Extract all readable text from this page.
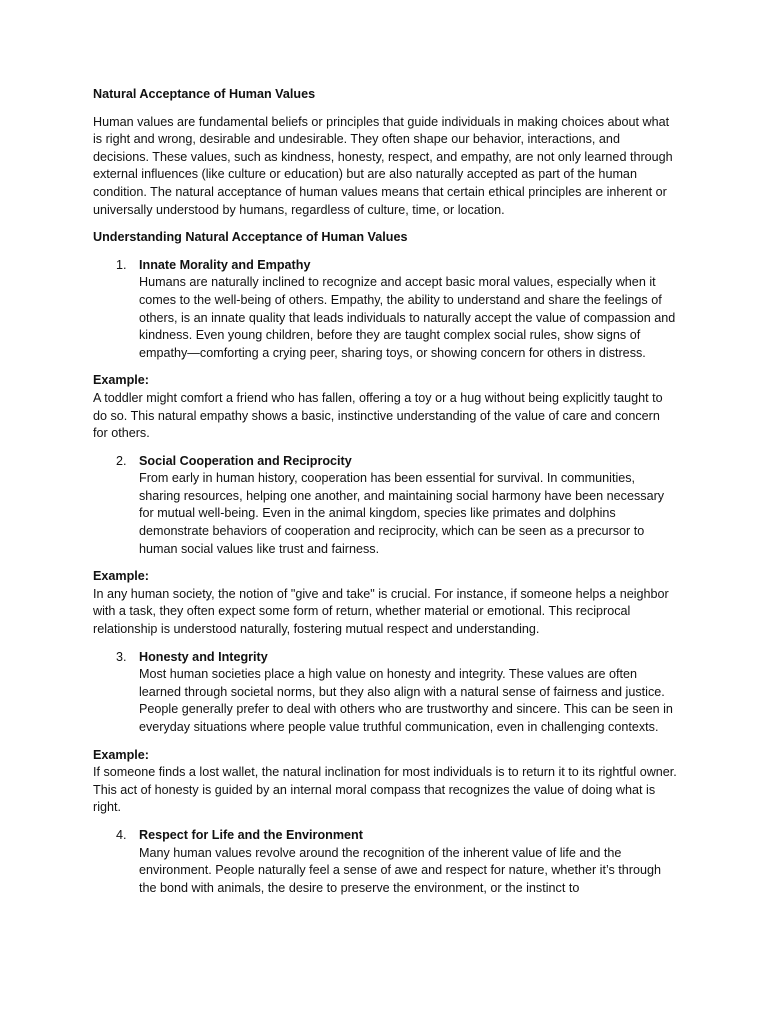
Natural Acceptance of Human Values

Human values are fundamental beliefs or principles that guide individuals in making choices about what is right and wrong, desirable and undesirable. They often shape our behavior, interactions, and decisions. These values, such as kindness, honesty, respect, and empathy, are not only learned through external influences (like culture or education) but are also naturally accepted as part of the human condition. The natural acceptance of human values means that certain ethical principles are inherent or universally understood by humans, regardless of culture, time, or location.

Understanding Natural Acceptance of Human Values

1. Innate Morality and Empathy

Humans are naturally inclined to recognize and accept basic moral values, especially when it comes to the well-being of others. Empathy, the ability to understand and share the feelings of others, is an innate quality that leads individuals to naturally accept the value of compassion and kindness. Even young children, before they are taught complex social rules, show signs of empathy—comforting a crying peer, sharing toys, or showing concern for others in distress.

Example:

A toddler might comfort a friend who has fallen, offering a toy or a hug without being explicitly taught to do so. This natural empathy shows a basic, instinctive understanding of the value of care and concern for others.

2. Social Cooperation and Reciprocity

From early in human history, cooperation has been essential for survival. In communities, sharing resources, helping one another, and maintaining social harmony have been necessary for mutual well-being. Even in the animal kingdom, species like primates and dolphins demonstrate behaviors of cooperation and reciprocity, which can be seen as a precursor to human social values like trust and fairness.

Example:

In any human society, the notion of "give and take" is crucial. For instance, if someone helps a neighbor with a task, they often expect some form of return, whether material or emotional. This reciprocal relationship is understood naturally, fostering mutual respect and understanding.

3. Honesty and Integrity

Most human societies place a high value on honesty and integrity. These values are often learned through societal norms, but they also align with a natural sense of fairness and justice. People generally prefer to deal with others who are trustworthy and sincere. This can be seen in everyday situations where people value truthful communication, even in challenging contexts.

Example:

If someone finds a lost wallet, the natural inclination for most individuals is to return it to its rightful owner. This act of honesty is guided by an internal moral compass that recognizes the value of doing what is right.

4. Respect for Life and the Environment

Many human values revolve around the recognition of the inherent value of life and the environment. People naturally feel a sense of awe and respect for nature, whether it’s through the bond with animals, the desire to preserve the environment, or the instinct to
